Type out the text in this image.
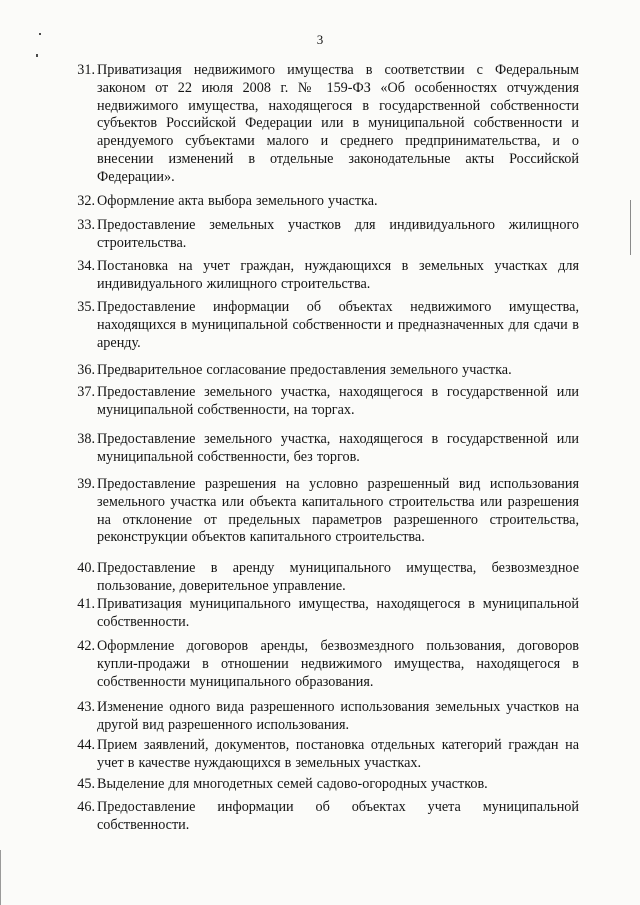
3
31. Приватизация недвижимого имущества в соответствии с Федеральным законом от 22 июля 2008 г. № 159-ФЗ «Об особенностях отчуждения недвижимого имущества, находящегося в государственной собственности субъектов Российской Федерации или в муниципальной собственности и арендуемого субъектами малого и среднего предпринимательства, и о внесении изменений в отдельные законодательные акты Российской Федерации».
32. Оформление акта выбора земельного участка.
33. Предоставление земельных участков для индивидуального жилищного строительства.
34. Постановка на учет граждан, нуждающихся в земельных участках для индивидуального жилищного строительства.
35. Предоставление информации об объектах недвижимого имущества, находящихся в муниципальной собственности и предназначенных для сдачи в аренду.
36. Предварительное согласование предоставления земельного участка.
37. Предоставление земельного участка, находящегося в государственной или муниципальной собственности, на торгах.
38. Предоставление земельного участка, находящегося в государственной или муниципальной собственности, без торгов.
39. Предоставление разрешения на условно разрешенный вид использования земельного участка или объекта капитального строительства или разрешения на отклонение от предельных параметров разрешенного строительства, реконструкции объектов капитального строительства.
40. Предоставление в аренду муниципального имущества, безвозмездное пользование, доверительное управление.
41. Приватизация муниципального имущества, находящегося в муниципальной собственности.
42. Оформление договоров аренды, безвозмездного пользования, договоров купли-продажи в отношении недвижимого имущества, находящегося в собственности муниципального образования.
43. Изменение одного вида разрешенного использования земельных участков на другой вид разрешенного использования.
44. Прием заявлений, документов, постановка отдельных категорий граждан на учет в качестве нуждающихся в земельных участках.
45. Выделение для многодетных семей садово-огородных участков.
46. Предоставление информации об объектах учета муниципальной собственности.
